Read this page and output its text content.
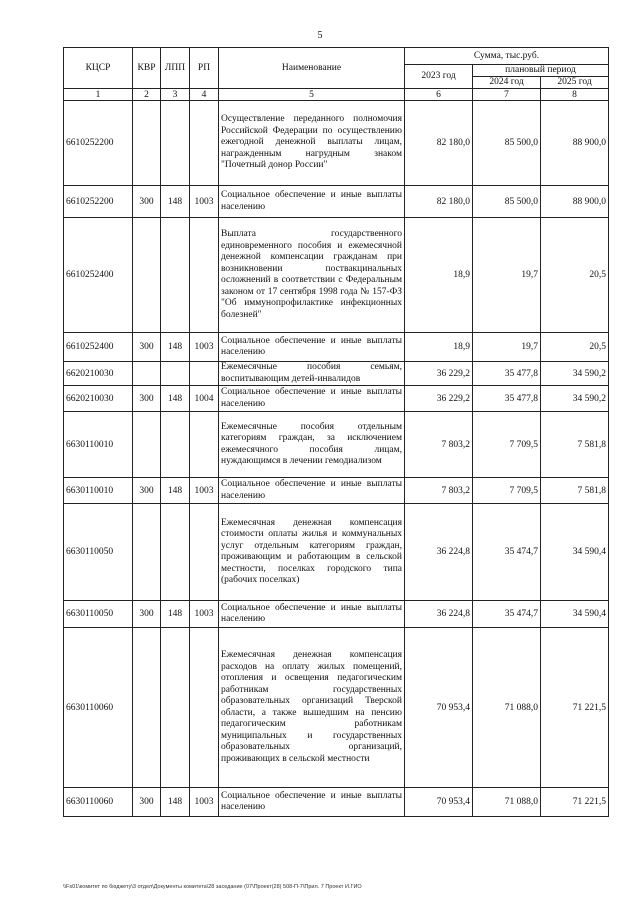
5
КЦСР	КВР	ЛПП	РП	Наименование	Сумма, тыс.руб.		
					2023 год	плановый период	
						2024 год	2025 год
1	2	3	4	5	6	7	8
6610252200				Осуществление переданного полномочия Российской Федерации по осуществлению ежегодной денежной выплаты лицам, награжденным нагрудным знаком "Почетный донор России"	82 180,0	85 500,0	88 900,0
6610252200	300	148	1003	Социальное обеспечение и иные выплаты населению	82 180,0	85 500,0	88 900,0
6610252400				Выплата государственного единовременного пособия и ежемесячной денежной компенсации гражданам при возникновении поствакцинальных осложнений в соответствии с Федеральным законом от 17 сентября 1998 года № 157-ФЗ "Об иммунопрофилактике инфекционных болезней"	18,9	19,7	20,5
6610252400	300	148	1003	Социальное обеспечение и иные выплаты населению	18,9	19,7	20,5
6620210030				Ежемесячные пособия семьям, воспитывающим детей-инвалидов	36 229,2	35 477,8	34 590,2
6620210030	300	148	1004	Социальное обеспечение и иные выплаты населению	36 229,2	35 477,8	34 590,2
6630110010				Ежемесячные пособия отдельным категориям граждан, за исключением ежемесячного пособия лицам, нуждающимся в лечении гемодиализом	7 803,2	7 709,5	7 581,8
6630110010	300	148	1003	Социальное обеспечение и иные выплаты населению	7 803,2	7 709,5	7 581,8
6630110050				Ежемесячная денежная компенсация стоимости оплаты жилья и коммунальных услуг отдельным категориям граждан, проживающим и работающим в сельской местности, поселках городского типа (рабочих поселках)	36 224,8	35 474,7	34 590,4
6630110050	300	148	1003	Социальное обеспечение и иные выплаты населению	36 224,8	35 474,7	34 590,4
6630110060				Ежемесячная денежная компенсация расходов на оплату жилых помещений, отопления и освещения педагогическим работникам государственных образовательных организаций Тверской области, а также вышедшим на пенсию педагогическим работникам муниципальных и государственных образовательных организаций, проживающих в сельской местности	70 953,4	71 088,0	71 221,5
6630110060	300	148	1003	Социальное обеспечение и иные выплаты населению	70 953,4	71 088,0	71 221,5
\\Fs01\комитет по бюджету\3 отдел\Документы комитета\28 заседание (07\Проект(28) 508-П-7\Прил. 7 Проект И.ГИО
